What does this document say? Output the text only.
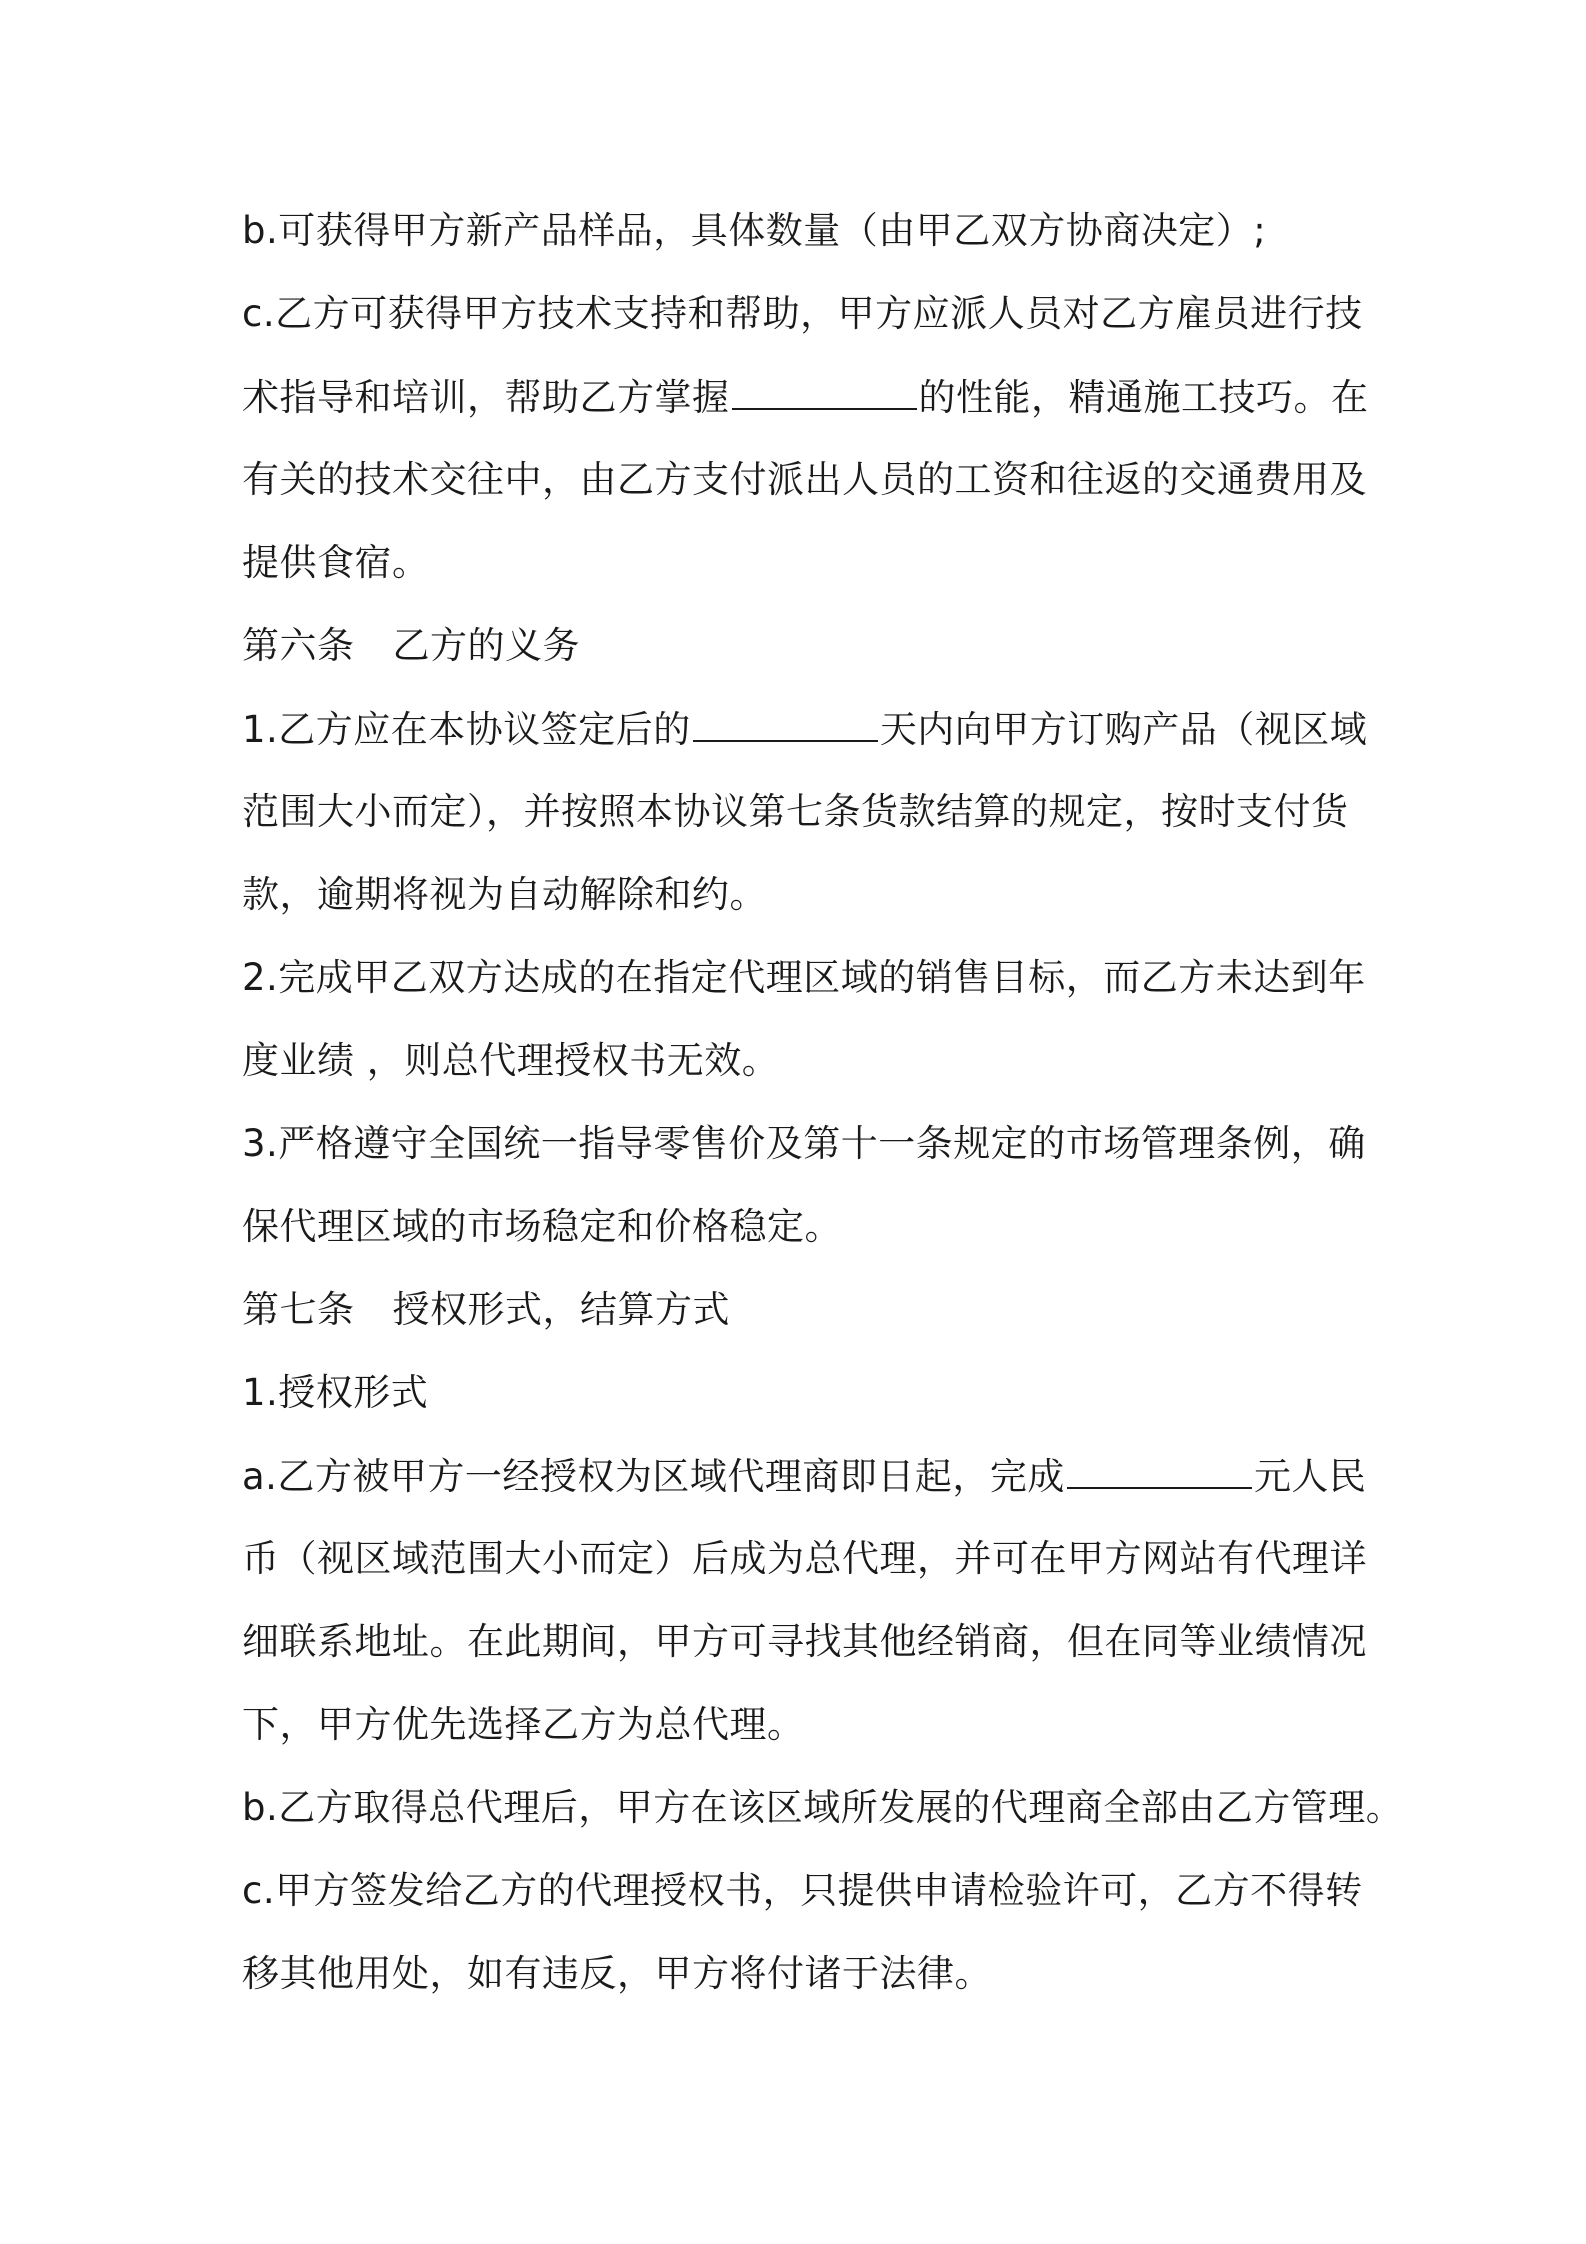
b.可获得甲方新产品样品，具体数量（由甲乙双方协商决定）;
c.乙方可获得甲方技术支持和帮助，甲方应派人员对乙方雇员进行技
术指导和培训，帮助乙方掌握	的性能，精通施工技巧。在
有关的技术交往中，由乙方支付派出人员的工资和往返的交通费用及
提供食宿。
第六条 乙方的义务
1.乙方应在本协议签定后的	天内向甲方订购产品（视区域
范围大小而定），并按照本协议第七条货款结算的规定，按时支付货
款，逾期将视为自动解除和约。
2.完成甲乙双方达成的在指定代理区域的销售目标，而乙方未达到年
度业绩 ，则总代理授权书无效。
3.严格遵守全国统一指导零售价及第十一条规定的市场管理条例，确
保代理区域的市场稳定和价格稳定。
第七条 授权形式，结算方式
1.授权形式
a.乙方被甲方一经授权为区域代理商即日起，完成	元人民
币（视区域范围大小而定）后成为总代理，并可在甲方网站有代理详
细联系地址。在此期间，甲方可寻找其他经销商，但在同等业绩情况
下，甲方优先选择乙方为总代理。
b.乙方取得总代理后，甲方在该区域所发展的代理商全部由乙方管理。
c.甲方签发给乙方的代理授权书，只提供申请检验许可，乙方不得转
移其他用处，如有违反，甲方将付诸于法律。
